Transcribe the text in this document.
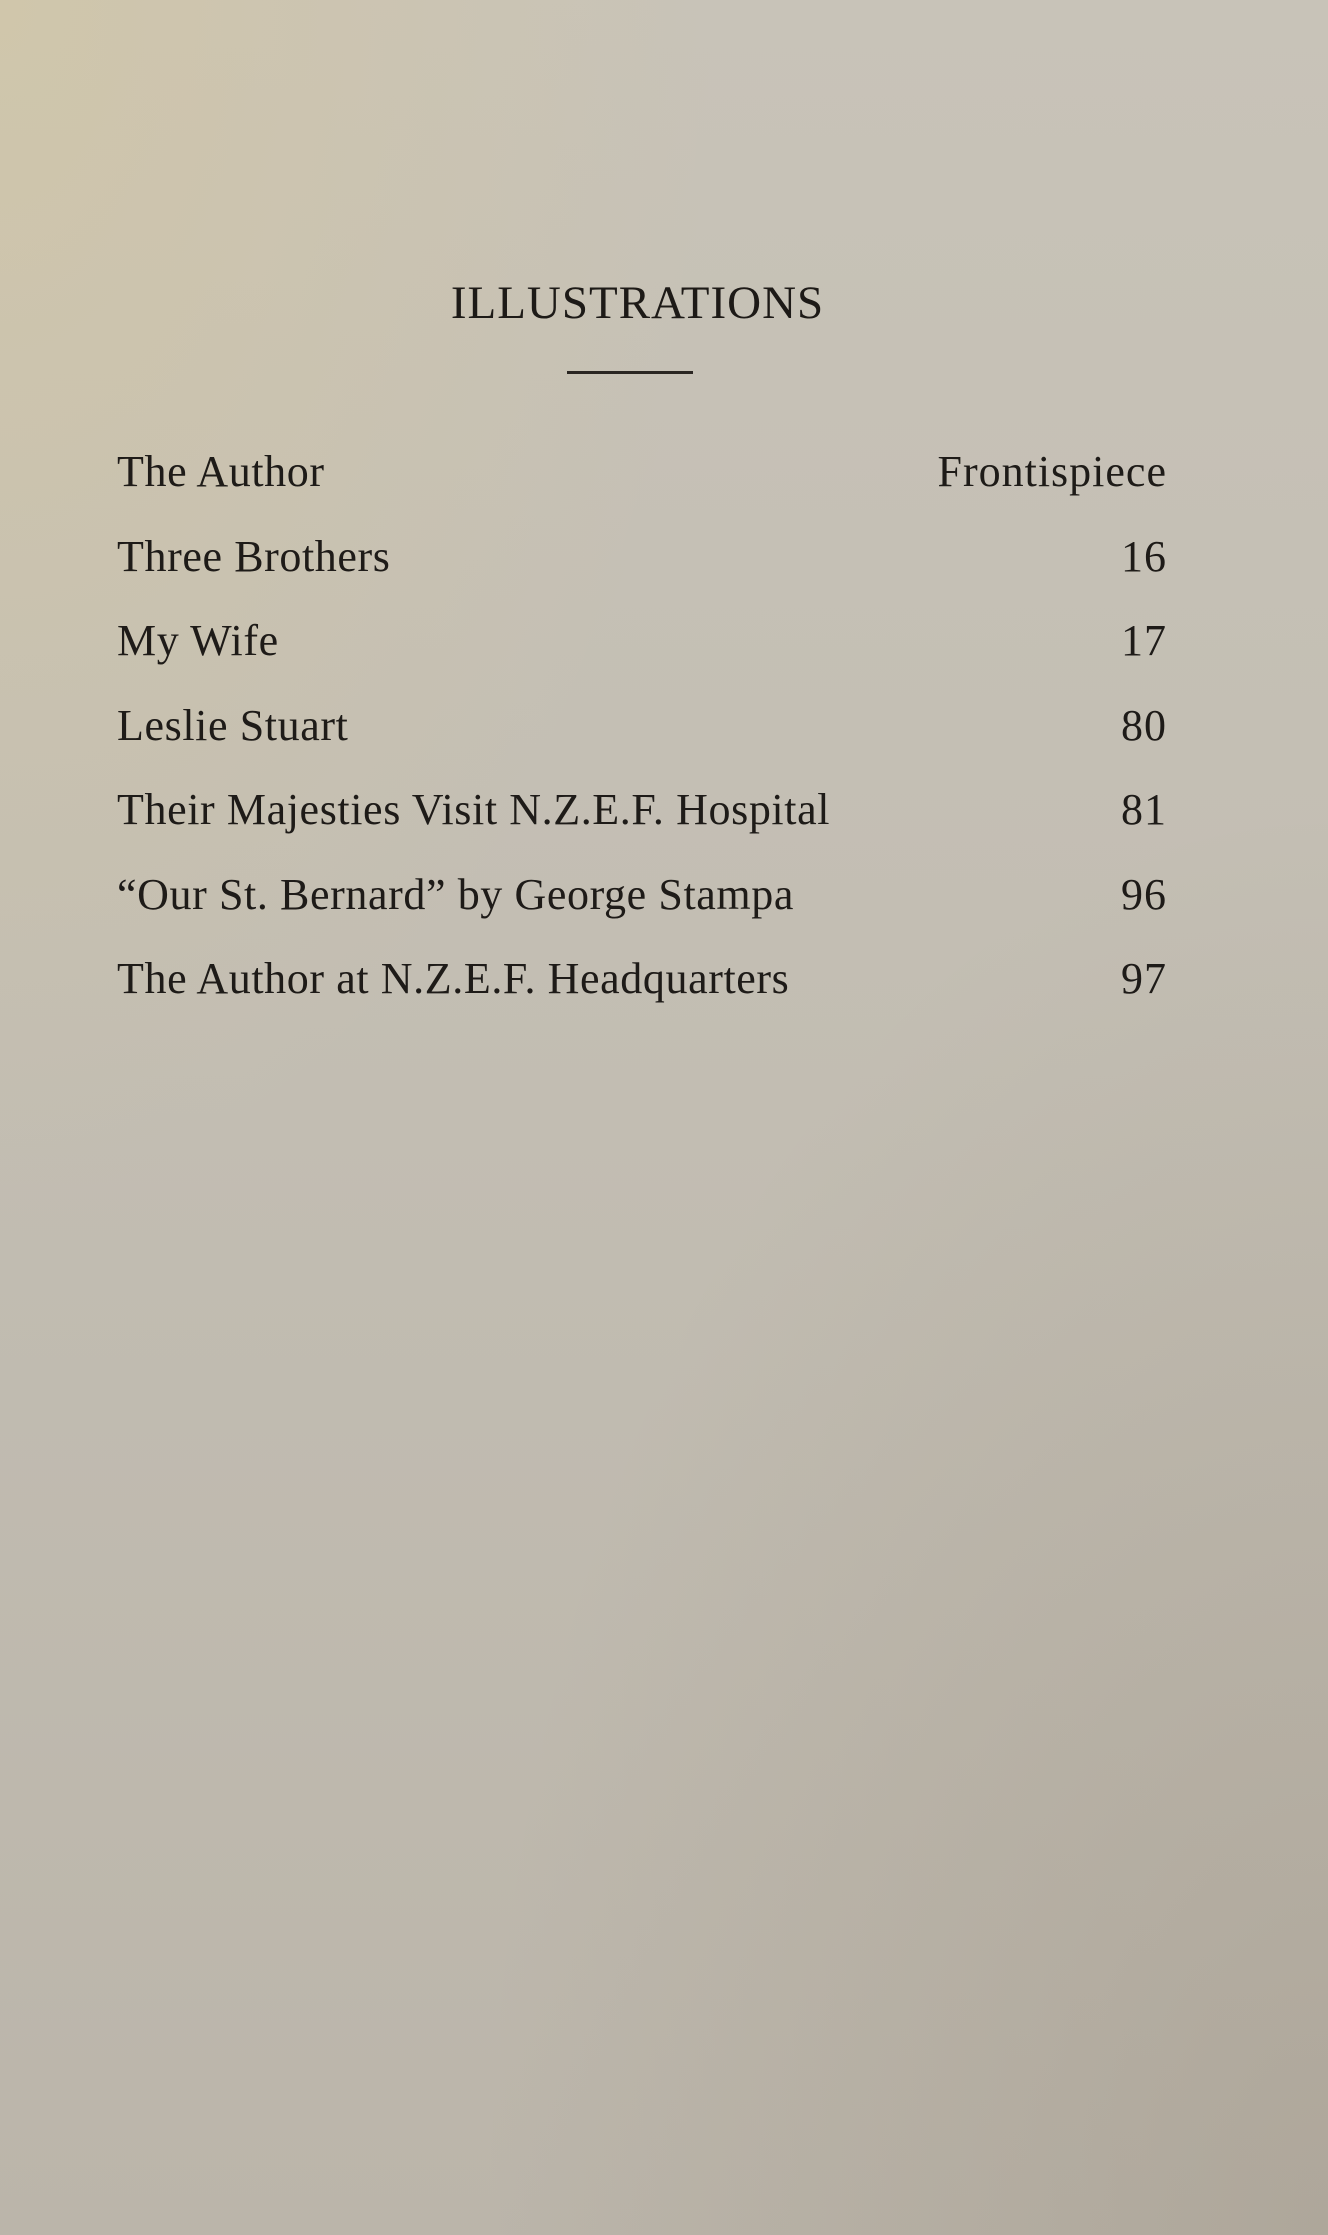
ILLUSTRATIONS
The Author	Frontispiece
Three Brothers	16
My Wife	17
Leslie Stuart	80
Their Majesties Visit N.Z.E.F. Hospital	81
“Our St. Bernard” by George Stampa	96
The Author at N.Z.E.F. Headquarters	97
